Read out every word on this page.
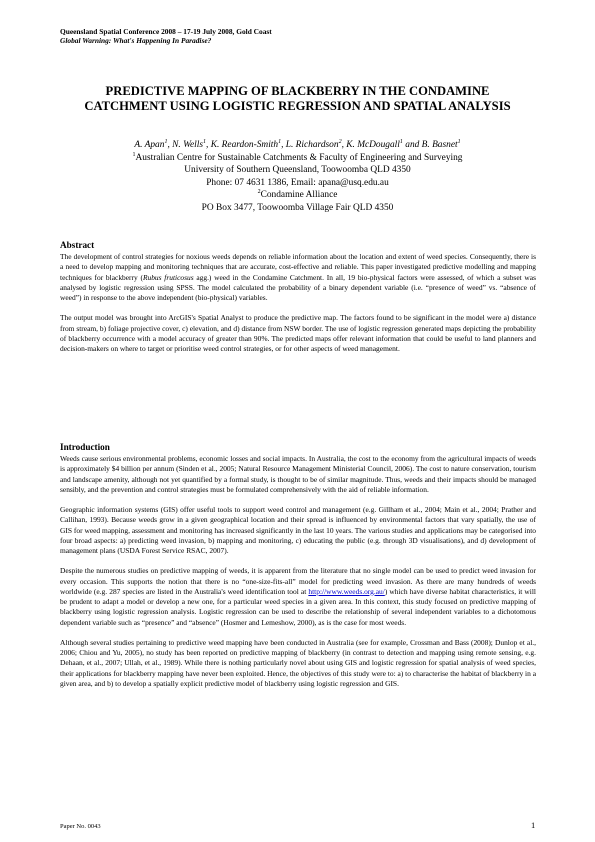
Queensland Spatial Conference 2008 – 17-19 July 2008, Gold Coast
Global Warning: What's Happening In Paradise?
PREDICTIVE MAPPING OF BLACKBERRY IN THE CONDAMINE
CATCHMENT USING LOGISTIC REGRESSION AND SPATIAL ANALYSIS
A. Apan$^1$, N. Wells$^1$, K. Reardon-Smith$^1$, L. Richardson$^2$, K. McDougall$^1$ and B. Basnet$^1$
$^1$Australian Centre for Sustainable Catchments & Faculty of Engineering and Surveying
University of Southern Queensland, Toowoomba QLD 4350
Phone: 07 4631 1386, Email: apana@usq.edu.au
$^2$Condamine Alliance
PO Box 3477, Toowoomba Village Fair QLD 4350
Abstract

The development of control strategies for noxious weeds depends on reliable information about the location and extent of weed species. Consequently, there is a need to develop mapping and monitoring techniques that are accurate, cost-effective and reliable. This paper investigated predictive modelling and mapping techniques for blackberry (Rubus fruticosus agg.) weed in the Condamine Catchment. In all, 19 bio-physical factors were assessed, of which a subset was analysed by logistic regression using SPSS. The model calculated the probability of a binary dependent variable (i.e. “presence of weed” vs. “absence of weed”) in response to the above independent (bio-physical) variables.

The output model was brought into ArcGIS's Spatial Analyst to produce the predictive map. The factors found to be significant in the model were a) distance from stream, b) foliage projective cover, c) elevation, and d) distance from NSW border. The use of logistic regression generated maps depicting the probability of blackberry occurrence with a model accuracy of greater than 90%. The predicted maps offer relevant information that could be useful to land planners and decision-makers on where to target or prioritise weed control strategies, or for other aspects of weed management.

Introduction

Weeds cause serious environmental problems, economic losses and social impacts. In Australia, the cost to the economy from the agricultural impacts of weeds is approximately $4 billion per annum (Sinden et al., 2005; Natural Resource Management Ministerial Council, 2006). The cost to nature conservation, tourism and landscape amenity, although not yet quantified by a formal study, is thought to be of similar magnitude. Thus, weeds and their impacts should be managed sensibly, and the prevention and control strategies must be formulated comprehensively with the aid of reliable information.

Geographic information systems (GIS) offer useful tools to support weed control and management (e.g. Gillham et al., 2004; Main et al., 2004; Prather and Callihan, 1993). Because weeds grow in a given geographical location and their spread is influenced by environmental factors that vary spatially, the use of GIS for weed mapping, assessment and monitoring has increased significantly in the last 10 years. The various studies and applications may be categorised into four broad aspects: a) predicting weed invasion, b) mapping and monitoring, c) educating the public (e.g. through 3D visualisations), and d) development of management plans (USDA Forest Service RSAC, 2007).

Despite the numerous studies on predictive mapping of weeds, it is apparent from the literature that no single model can be used to predict weed invasion for every occasion. This supports the notion that there is no “one-size-fits-all” model for predicting weed invasion. As there are many hundreds of weeds worldwide (e.g. 287 species are listed in the Australia's weed identification tool at http://www.weeds.org.au/) which have diverse habitat characteristics, it will be prudent to adapt a model or develop a new one, for a particular weed species in a given area. In this context, this study focused on predictive mapping of blackberry using logistic regression analysis. Logistic regression can be used to describe the relationship of several independent variables to a dichotomous dependent variable such as “presence” and “absence” (Hosmer and Lemeshow, 2000), as is the case for most weeds.

Although several studies pertaining to predictive weed mapping have been conducted in Australia (see for example, Crossman and Bass (2008); Dunlop et al., 2006; Chiou and Yu, 2005), no study has been reported on predictive mapping of blackberry (in contrast to detection and mapping using remote sensing, e.g. Dehaan, et al., 2007; Ullah, et al., 1989). While there is nothing particularly novel about using GIS and logistic regression for spatial analysis of weed species, their applications for blackberry mapping have never been exploited. Hence, the objectives of this study were to: a) to characterise the habitat of blackberry in a given area, and b) to develop a spatially explicit predictive model of blackberry using logistic regression and GIS.

Paper No. 0043	1
